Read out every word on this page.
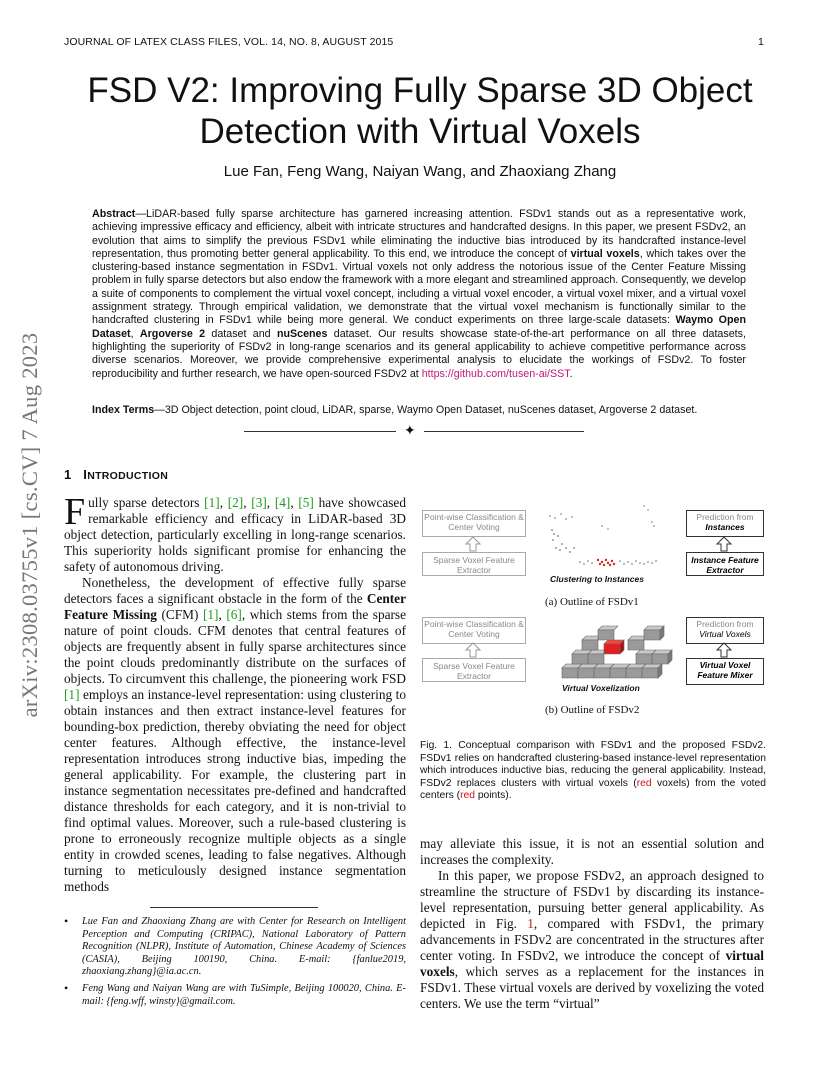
JOURNAL OF LATEX CLASS FILES, VOL. 14, NO. 8, AUGUST 2015	1
FSD V2: Improving Fully Sparse 3D Object Detection with Virtual Voxels
Lue Fan, Feng Wang, Naiyan Wang, and Zhaoxiang Zhang
Abstract—LiDAR-based fully sparse architecture has garnered increasing attention. FSDv1 stands out as a representative work, achieving impressive efficacy and efficiency, albeit with intricate structures and handcrafted designs. In this paper, we present FSDv2, an evolution that aims to simplify the previous FSDv1 while eliminating the inductive bias introduced by its handcrafted instance-level representation, thus promoting better general applicability. To this end, we introduce the concept of virtual voxels, which takes over the clustering-based instance segmentation in FSDv1. Virtual voxels not only address the notorious issue of the Center Feature Missing problem in fully sparse detectors but also endow the framework with a more elegant and streamlined approach. Consequently, we develop a suite of components to complement the virtual voxel concept, including a virtual voxel encoder, a virtual voxel mixer, and a virtual voxel assignment strategy. Through empirical validation, we demonstrate that the virtual voxel mechanism is functionally similar to the handcrafted clustering in FSDv1 while being more general. We conduct experiments on three large-scale datasets: Waymo Open Dataset, Argoverse 2 dataset and nuScenes dataset. Our results showcase state-of-the-art performance on all three datasets, highlighting the superiority of FSDv2 in long-range scenarios and its general applicability to achieve competitive performance across diverse scenarios. Moreover, we provide comprehensive experimental analysis to elucidate the workings of FSDv2. To foster reproducibility and further research, we have open-sourced FSDv2 at https://github.com/tusen-ai/SST.
Index Terms—3D Object detection, point cloud, LiDAR, sparse, Waymo Open Dataset, nuScenes dataset, Argoverse 2 dataset.
✦
arXiv:2308.03755v1 [cs.CV] 7 Aug 2023 1 INTRODUCTION

Fully sparse detectors [1], [2], [3], [4], [5] have showcased remarkable efficiency and efficacy in LiDAR-based 3D object detection, particularly excelling in long-range scenarios. This superiority holds significant promise for enhancing the safety of autonomous driving.

Nonetheless, the development of effective fully sparse detectors faces a significant obstacle in the form of the Center Feature Missing (CFM) [1], [6], which stems from the sparse nature of point clouds. CFM denotes that central features of objects are frequently absent in fully sparse architectures since the point clouds predominantly distribute on the surfaces of objects. To circumvent this challenge, the pioneering work FSD [1] employs an instance-level representation: using clustering to obtain instances and then extract instance-level features for bounding-box prediction, thereby obviating the need for object center features. Although effective, the instance-level representation introduces strong inductive bias, impeding the general applicability. For example, the clustering part in instance segmentation necessitates pre-defined and handcrafted distance thresholds for each category, and it is non-trivial to find optimal values. Moreover, such a rule-based clustering is prone to erroneously recognize multiple objects as a single entity in crowded scenes, leading to false negatives. Although turning to meticulously designed instance segmentation methods

• Lue Fan and Zhaoxiang Zhang are with Center for Research on Intelligent Perception and Computing (CRIPAC), National Laboratory of Pattern Recognition (NLPR), Institute of Automation, Chinese Academy of Sciences (CASIA), Beijing 100190, China. E-mail: {fanlue2019, zhaoxiang.zhang}@ia.ac.cn.
• Feng Wang and Naiyan Wang are with TuSimple, Beijing 100020, China. E-mail: {feng.wff, winsty}@gmail.com.
Point-wise Classification & Center Voting
Sparse Voxel Feature Extractor
Clustering to Instances
Prediction from
Instances
Instance Feature Extractor
(a) Outline of FSDv1
Point-wise Classification & Center Voting
Sparse Voxel Feature Extractor
Virtual Voxelization
Prediction from
Virtual Voxels
Virtual Voxel Feature Mixer
(b) Outline of FSDv2
Fig. 1. Conceptual comparison with FSDv1 and the proposed FSDv2. FSDv1 relies on handcrafted clustering-based instance-level representation which introduces inductive bias, reducing the general applicability. Instead, FSDv2 replaces clusters with virtual voxels (red voxels) from the voted centers (red points).

may alleviate this issue, it is not an essential solution and increases the complexity.

In this paper, we propose FSDv2, an approach designed to streamline the structure of FSDv1 by discarding its instance-level representation, pursuing better general applicability. As depicted in Fig. 1, compared with FSDv1, the primary advancements in FSDv2 are concentrated in the structures after center voting. In FSDv2, we introduce the concept of virtual voxels, which serves as a replacement for the instances in FSDv1. These virtual voxels are derived by voxelizing the voted centers. We use the term “virtual”
